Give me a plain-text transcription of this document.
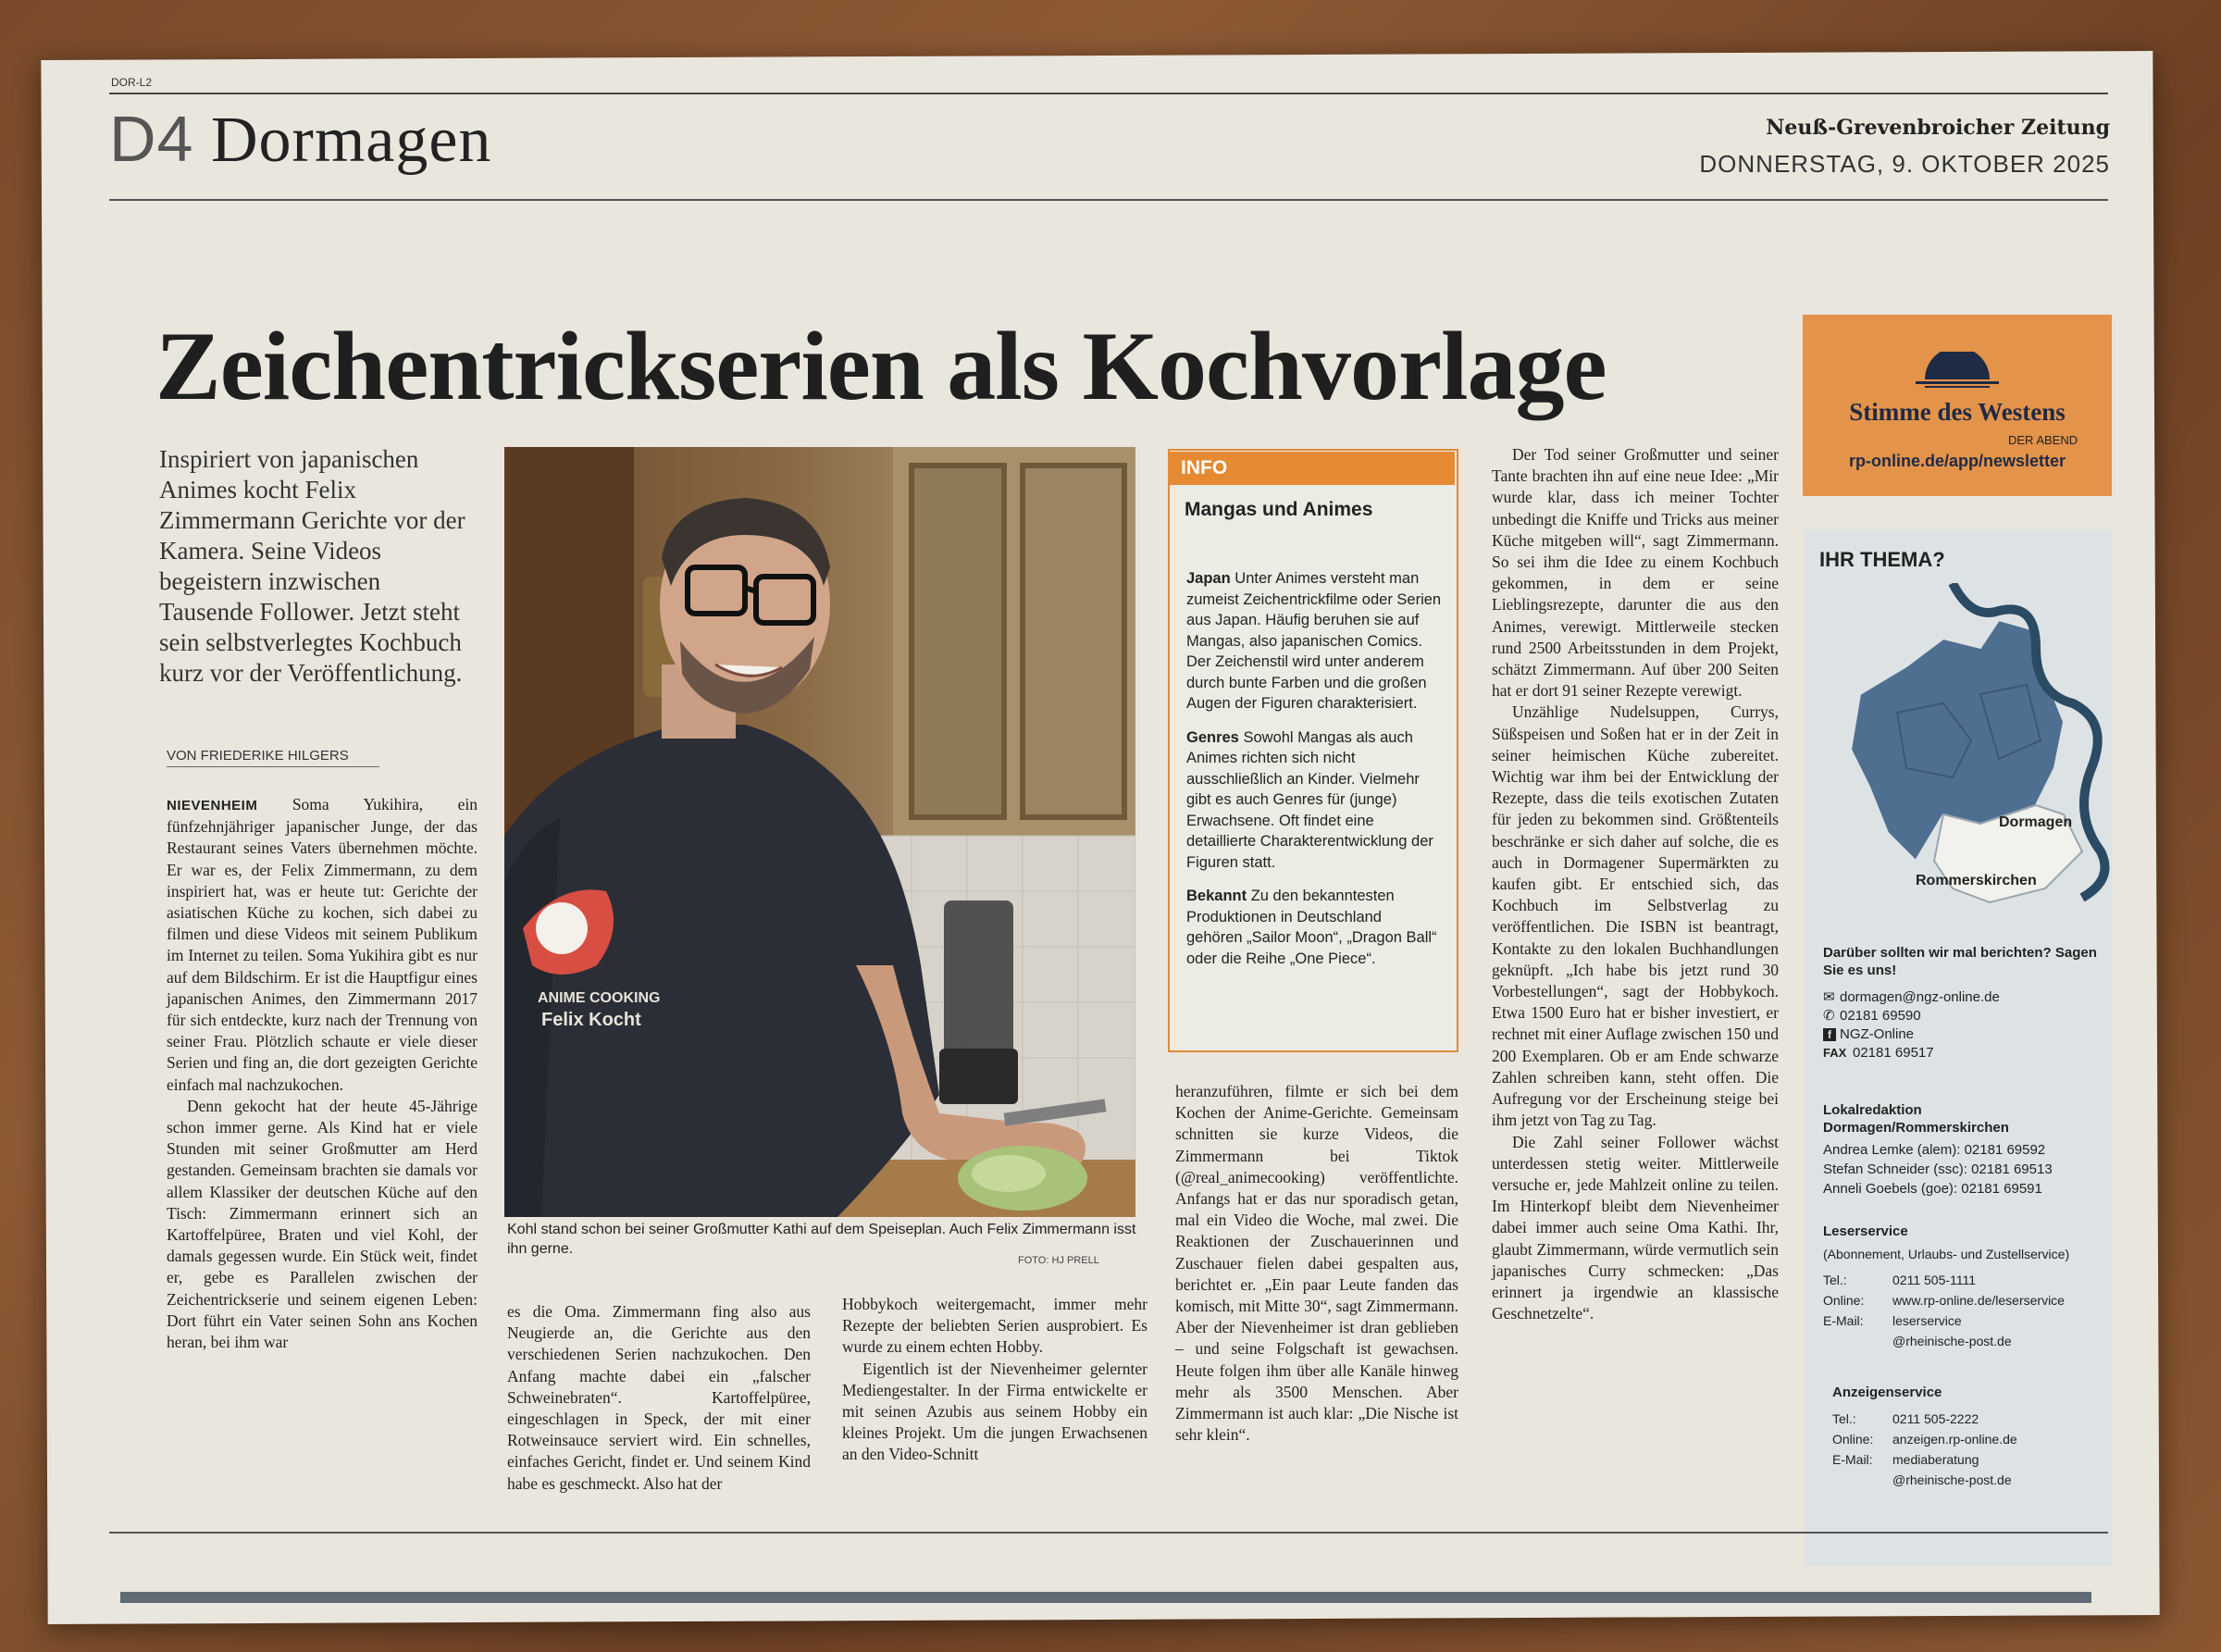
DOR-L2
D4 Dormagen	Neuß-Grevenbroicher Zeitung
DONNERSTAG, 9. OKTOBER 2025
Zeichentrickserien als Kochvorlage
Inspiriert von japanischen Animes kocht Felix Zimmermann Gerichte vor der Kamera. Seine Videos begeistern inzwischen Tausende Follower. Jetzt steht sein selbstverlegtes Kochbuch kurz vor der Veröffentlichung.
VON FRIEDERIKE HILGERS

NIEVENHEIM Soma Yukihira, ein fünfzehnjähriger japanischer Junge, der das Restaurant seines Vaters übernehmen möchte. Er war es, der Felix Zimmermann, zu dem inspiriert hat, was er heute tut: Gerichte der asiatischen Küche zu kochen, sich dabei zu filmen und diese Videos mit seinem Publikum im Internet zu teilen. Soma Yukihira gibt es nur auf dem Bildschirm. Er ist die Hauptfigur eines japanischen Animes, den Zimmermann 2017 für sich entdeckte, kurz nach der Trennung von seiner Frau. Plötzlich schaute er viele dieser Serien und fing an, die dort gezeigten Gerichte einfach mal nachzukochen.

Denn gekocht hat der heute 45-Jährige schon immer gerne. Als Kind hat er viele Stunden mit seiner Großmutter am Herd gestanden. Gemeinsam brachten sie damals vor allem Klassiker der deutschen Küche auf den Tisch: Zimmermann erinnert sich an Kartoffelpüree, Braten und viel Kohl, der damals gegessen wurde. Ein Stück weit, findet er, gebe es Parallelen zwischen der Zeichentrickserie und seinem eigenen Leben: Dort führt ein Vater seinen Sohn ans Kochen heran, bei ihm war

ANIME COOKING
Felix Kocht
Kohl stand schon bei seiner Großmutter Kathi auf dem Speiseplan. Auch Felix Zimmermann isst ihn gerne.
FOTO: HJ PRELL

es die Oma. Zimmermann fing also aus Neugierde an, die Gerichte aus den verschiedenen Serien nachzukochen. Den Anfang machte dabei ein „falscher Schweinebraten“. Kartoffelpüree, eingeschlagen in Speck, der mit einer Rotweinsauce serviert wird. Ein schnelles, einfaches Gericht, findet er. Und seinem Kind habe es geschmeckt. Also hat der

Hobbykoch weitergemacht, immer mehr Rezepte der beliebten Serien ausprobiert. Es wurde zu einem echten Hobby.

Eigentlich ist der Nievenheimer gelernter Mediengestalter. In der Firma entwickelte er mit seinen Azubis aus seinem Hobby ein kleines Projekt. Um die jungen Erwachsenen an den Video-Schnitt

INFO
Mangas und Animes

Japan Unter Animes versteht man zumeist Zeichentrickfilme oder Serien aus Japan. Häufig beruhen sie auf Mangas, also japanischen Comics. Der Zeichenstil wird unter anderem durch bunte Farben und die großen Augen der Figuren charakterisiert.

Genres Sowohl Mangas als auch Animes richten sich nicht ausschließlich an Kinder. Vielmehr gibt es auch Genres für (junge) Erwachsene. Oft findet eine detaillierte Charakterentwicklung der Figuren statt.

Bekannt Zu den bekanntesten Produktionen in Deutschland gehören „Sailor Moon“, „Dragon Ball“ oder die Reihe „One Piece“.

heranzuführen, filmte er sich bei dem Kochen der Anime-Gerichte. Gemeinsam schnitten sie kurze Videos, die Zimmermann bei Tiktok (@real_animecooking) veröffentlichte. Anfangs hat er das nur sporadisch getan, mal ein Video die Woche, mal zwei. Die Reaktionen der Zuschauerinnen und Zuschauer fielen dabei gespalten aus, berichtet er. „Ein paar Leute fanden das komisch, mit Mitte 30“, sagt Zimmermann. Aber der Nievenheimer ist dran geblieben – und seine Folgschaft ist gewachsen. Heute folgen ihm über alle Kanäle hinweg mehr als 3500 Menschen. Aber Zimmermann ist auch klar: „Die Nische ist sehr klein“.

Der Tod seiner Großmutter und seiner Tante brachten ihn auf eine neue Idee: „Mir wurde klar, dass ich meiner Tochter unbedingt die Kniffe und Tricks aus meiner Küche mitgeben will“, sagt Zimmermann. So sei ihm die Idee zu einem Kochbuch gekommen, in dem er seine Lieblingsrezepte, darunter die aus den Animes, verewigt. Mittlerweile stecken rund 2500 Arbeitsstunden in dem Projekt, schätzt Zimmermann. Auf über 200 Seiten hat er dort 91 seiner Rezepte verewigt.

Unzählige Nudelsuppen, Currys, Süßspeisen und Soßen hat er in der Zeit in seiner heimischen Küche zubereitet. Wichtig war ihm bei der Entwicklung der Rezepte, dass die teils exotischen Zutaten für jeden zu bekommen sind. Größtenteils beschränke er sich daher auf solche, die es auch in Dormagener Supermärkten zu kaufen gibt. Er entschied sich, das Kochbuch im Selbstverlag zu veröffentlichen. Die ISBN ist beantragt, Kontakte zu den lokalen Buchhandlungen geknüpft. „Ich habe bis jetzt rund 30 Vorbestellungen“, sagt der Hobbykoch. Etwa 1500 Euro hat er bisher investiert, er rechnet mit einer Auflage zwischen 150 und 200 Exemplaren. Ob er am Ende schwarze Zahlen schreiben kann, steht offen. Die Aufregung vor der Erscheinung steige bei ihm jetzt von Tag zu Tag.

Die Zahl seiner Follower wächst unterdessen stetig weiter. Mittlerweile versuche er, jede Mahlzeit online zu teilen. Im Hinterkopf bleibt dem Nievenheimer dabei immer auch seine Oma Kathi. Ihr, glaubt Zimmermann, würde vermutlich sein japanisches Curry schmecken: „Das erinnert ja irgendwie an klassische Geschnetzelte“.

Stimme des Westens
DER ABEND
rp-online.de/app/newsletter
IHR THEMA?
Dormagen
Rommerskirchen
Darüber sollten wir mal berichten? Sagen Sie es uns!
✉ dormagen@ngz-online.de
✆ 02181 69590
f NGZ-Online
FAX 02181 69517
Lokalredaktion Dormagen/Rommerskirchen
Andrea Lemke (alem): 02181 69592
Stefan Schneider (ssc): 02181 69513
Anneli Goebels (goe): 02181 69591
Leserservice
(Abonnement, Urlaubs- und Zustellservice)
Tel.:	0211 505-1111
Online: www.rp-online.de/leserservice
E-Mail: leserservice
@rheinische-post.de
Anzeigenservice
Tel.:	0211 505-2222
Online: anzeigen.rp-online.de
E-Mail: mediaberatung
@rheinische-post.de
